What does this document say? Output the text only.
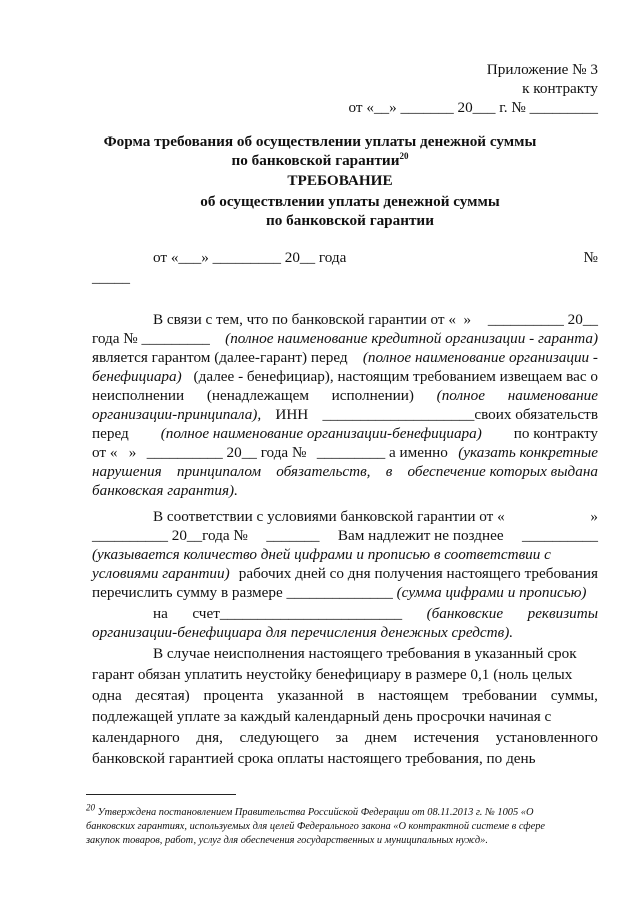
Приложение № 3
к контракту
от «__» _______ 20___ г. № _________
Форма требования об осуществлении уплаты денежной суммы
по банковской гарантии$^{20}$
ТРЕБОВАНИЕ
об осуществлении уплаты денежной суммы
по банковской гарантии
от «___» _________ 20__ года	№
_____
В связи с тем, что по банковской гарантии от «  » __________ 20__
года № _________ (полное наименование кредитной организации - гаранта)
является гарантом (далее-гарант) перед (полное наименование организации -
бенефициара) (далее - бенефициар), настоящим требованием извещаем вас о
неисполнении (ненадлежащем исполнении) (полное наименование
организации-принципала), ИНН ____________________своих обязательств
перед (полное наименование организации-бенефициара) по контракту
от «   » __________ 20__ года № _________ а именно (указать конкретные
нарушения принципалом обязательств, в обеспечение которых выдана
банковская гарантия).
В соответствии с условиями банковской гарантии от «	»
__________ 20__года № _______ Вам надлежит не позднее __________
(указывается количество дней цифрами и прописью в соответствии с
условиями гарантии) рабочих дней со дня получения настоящего требования
перечислить сумму в размере ______________ (сумма цифрами и прописью)
на счет________________________ (банковские реквизиты
организации-бенефициара для перечисления денежных средств).
В случае неисполнения настоящего требования в указанный срок
гарант обязан уплатить неустойку бенефициару в размере 0,1 (ноль целых
одна десятая) процента указанной в настоящем требовании суммы,
подлежащей уплате за каждый календарный день просрочки начиная с
календарного дня, следующего за днем истечения установленного
банковской гарантией срока оплаты настоящего требования, по день
$^{20}$ Утверждена постановлением Правительства Российской Федерации от 08.11.2013 г. № 1005 «О
банковских гарантиях, используемых для целей Федерального закона «О контрактной системе в сфере
закупок товаров, работ, услуг для обеспечения государственных и муниципальных нужд».
